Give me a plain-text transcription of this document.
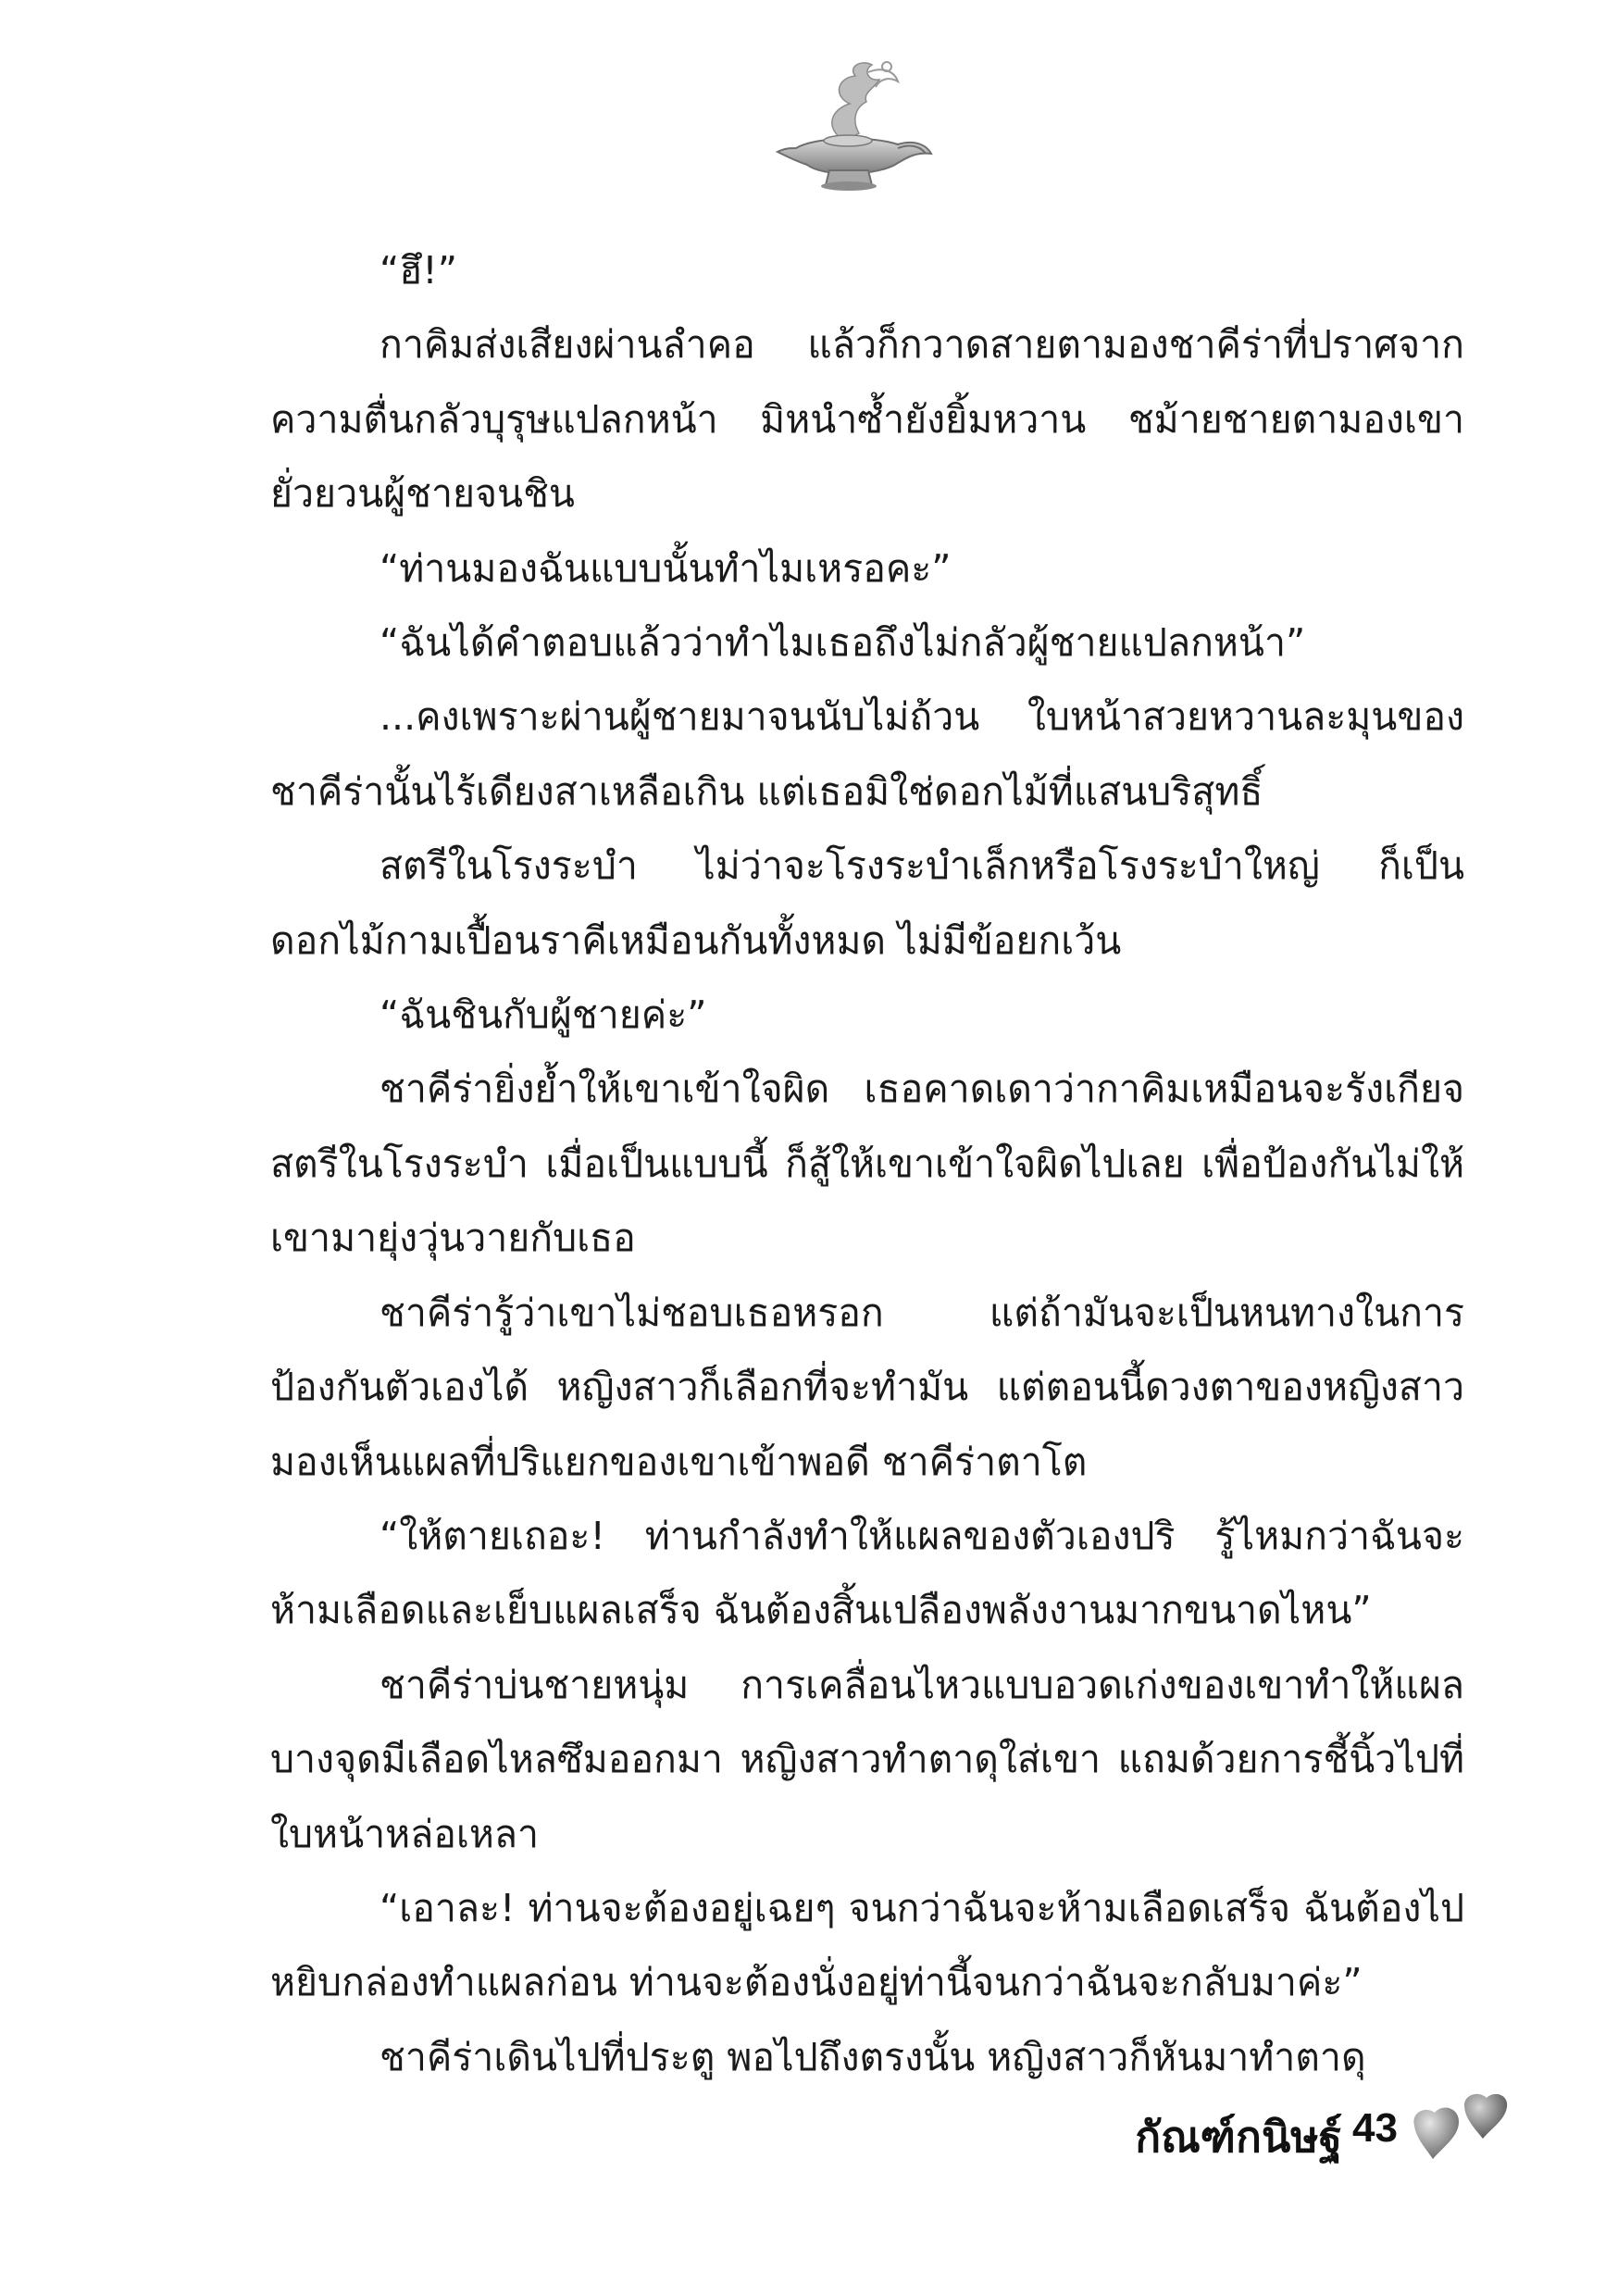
“ฮึ!”

กาคิมส่งเสียงผ่านลำคอ แล้วก็กวาดสายตามองชาคีร่าที่ปราศจากความตื่นกลัวบุรุษแปลกหน้า มิหนำซ้ำยังยิ้มหวาน ชม้ายชายตามองเขายั่วยวนผู้ชายจนชิน

“ท่านมองฉันแบบนั้นทำไมเหรอคะ”

“ฉันได้คำตอบแล้วว่าทำไมเธอถึงไม่กลัวผู้ชายแปลกหน้า”

...คงเพราะผ่านผู้ชายมาจนนับไม่ถ้วน ใบหน้าสวยหวานละมุนของชาคีร่านั้นไร้เดียงสาเหลือเกิน แต่เธอมิใช่ดอกไม้ที่แสนบริสุทธิ์

สตรีในโรงระบำ ไม่ว่าจะโรงระบำเล็กหรือโรงระบำใหญ่ ก็เป็นดอกไม้กามเปื้อนราคีเหมือนกันทั้งหมด ไม่มีข้อยกเว้น

“ฉันชินกับผู้ชายค่ะ”

ชาคีร่ายิ่งย้ำให้เขาเข้าใจผิด เธอคาดเดาว่ากาคิมเหมือนจะรังเกียจสตรีในโรงระบำ เมื่อเป็นแบบนี้ ก็สู้ให้เขาเข้าใจผิดไปเลย เพื่อป้องกันไม่ให้เขามายุ่งวุ่นวายกับเธอ

ชาคีร่ารู้ว่าเขาไม่ชอบเธอหรอก แต่ถ้ามันจะเป็นหนทางในการป้องกันตัวเองได้ หญิงสาวก็เลือกที่จะทำมัน แต่ตอนนี้ดวงตาของหญิงสาวมองเห็นแผลที่ปริแยกของเขาเข้าพอดี ชาคีร่าตาโต

“ให้ตายเถอะ! ท่านกำลังทำให้แผลของตัวเองปริ รู้ไหมกว่าฉันจะห้ามเลือดและเย็บแผลเสร็จ ฉันต้องสิ้นเปลืองพลังงานมากขนาดไหน”

ชาคีร่าบ่นชายหนุ่ม การเคลื่อนไหวแบบอวดเก่งของเขาทำให้แผลบางจุดมีเลือดไหลซึมออกมา หญิงสาวทำตาดุใส่เขา แถมด้วยการชี้นิ้วไปที่ใบหน้าหล่อเหลา

“เอาละ! ท่านจะต้องอยู่เฉยๆ จนกว่าฉันจะห้ามเลือดเสร็จ ฉันต้องไปหยิบกล่องทำแผลก่อน ท่านจะต้องนั่งอยู่ท่านี้จนกว่าฉันจะกลับมาค่ะ”

ชาคีร่าเดินไปที่ประตู พอไปถึงตรงนั้น หญิงสาวก็หันมาทำตาดุ

กัณฑ์กนิษฐ์ 43
